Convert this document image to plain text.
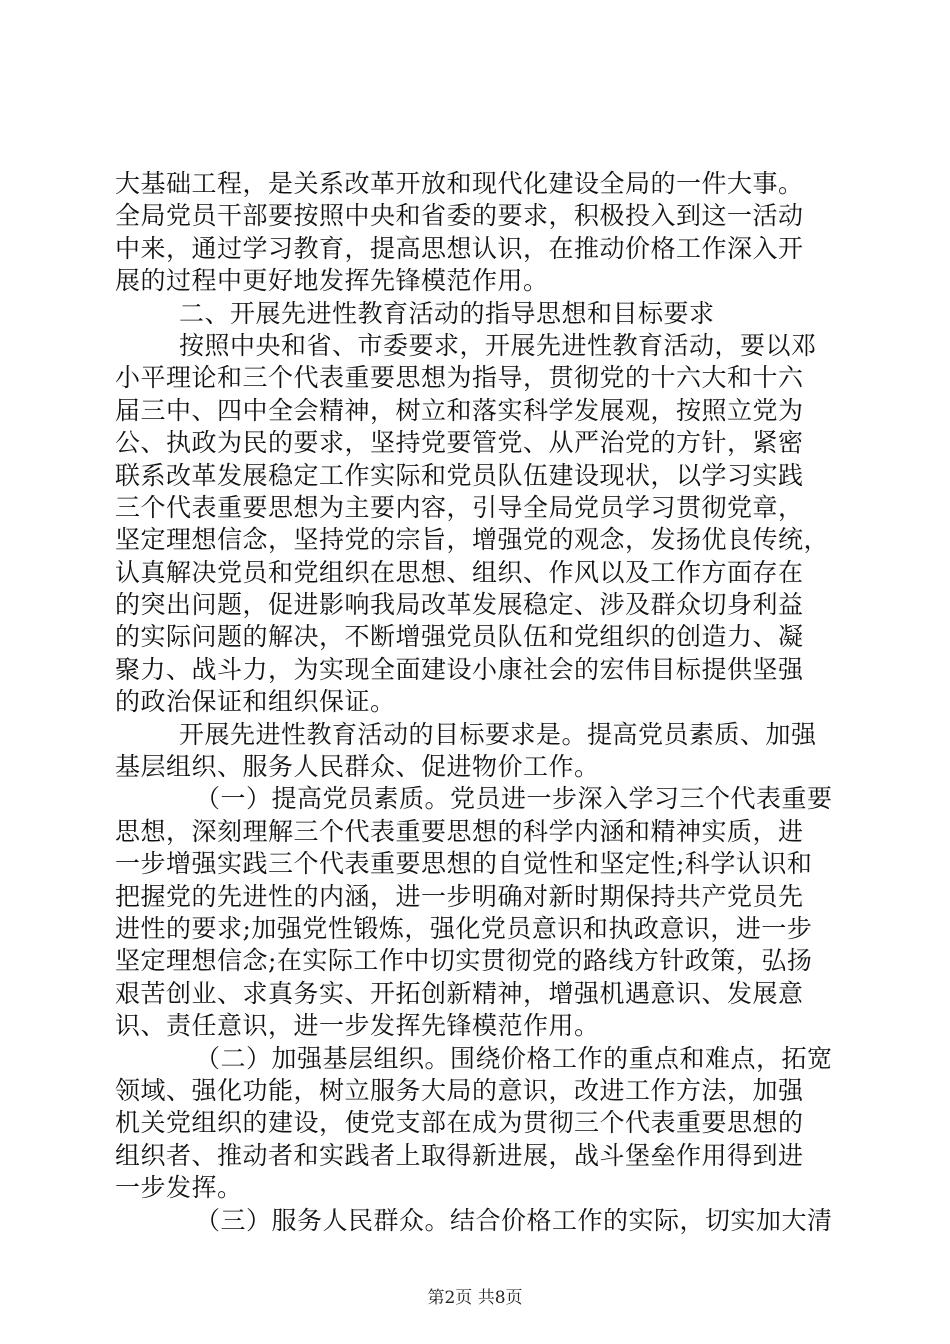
大基础工程，是关系改革开放和现代化建设全局的一件大事。
全局党员干部要按照中央和省委的要求，积极投入到这一活动
中来，通过学习教育，提高思想认识，在推动价格工作深入开
展的过程中更好地发挥先锋模范作用。
二、开展先进性教育活动的指导思想和目标要求
按照中央和省、市委要求，开展先进性教育活动，要以邓
小平理论和三个代表重要思想为指导，贯彻党的十六大和十六
届三中、四中全会精神，树立和落实科学发展观，按照立党为
公、执政为民的要求，坚持党要管党、从严治党的方针，紧密
联系改革发展稳定工作实际和党员队伍建设现状，以学习实践
三个代表重要思想为主要内容，引导全局党员学习贯彻党章，
坚定理想信念，坚持党的宗旨，增强党的观念，发扬优良传统，
认真解决党员和党组织在思想、组织、作风以及工作方面存在
的突出问题，促进影响我局改革发展稳定、涉及群众切身利益
的实际问题的解决，不断增强党员队伍和党组织的创造力、凝
聚力、战斗力，为实现全面建设小康社会的宏伟目标提供坚强
的政治保证和组织保证。
开展先进性教育活动的目标要求是。提高党员素质、加强
基层组织、服务人民群众、促进物价工作。
（一）提高党员素质。党员进一步深入学习三个代表重要
思想，深刻理解三个代表重要思想的科学内涵和精神实质，进
一步增强实践三个代表重要思想的自觉性和坚定性;科学认识和
把握党的先进性的内涵，进一步明确对新时期保持共产党员先
进性的要求;加强党性锻炼，强化党员意识和执政意识，进一步
坚定理想信念;在实际工作中切实贯彻党的路线方针政策，弘扬
艰苦创业、求真务实、开拓创新精神，增强机遇意识、发展意
识、责任意识，进一步发挥先锋模范作用。
（二）加强基层组织。围绕价格工作的重点和难点，拓宽
领域、强化功能，树立服务大局的意识，改进工作方法，加强
机关党组织的建设，使党支部在成为贯彻三个代表重要思想的
组织者、推动者和实践者上取得新进展，战斗堡垒作用得到进
一步发挥。
（三）服务人民群众。结合价格工作的实际，切实加大清
第2页 共8页
